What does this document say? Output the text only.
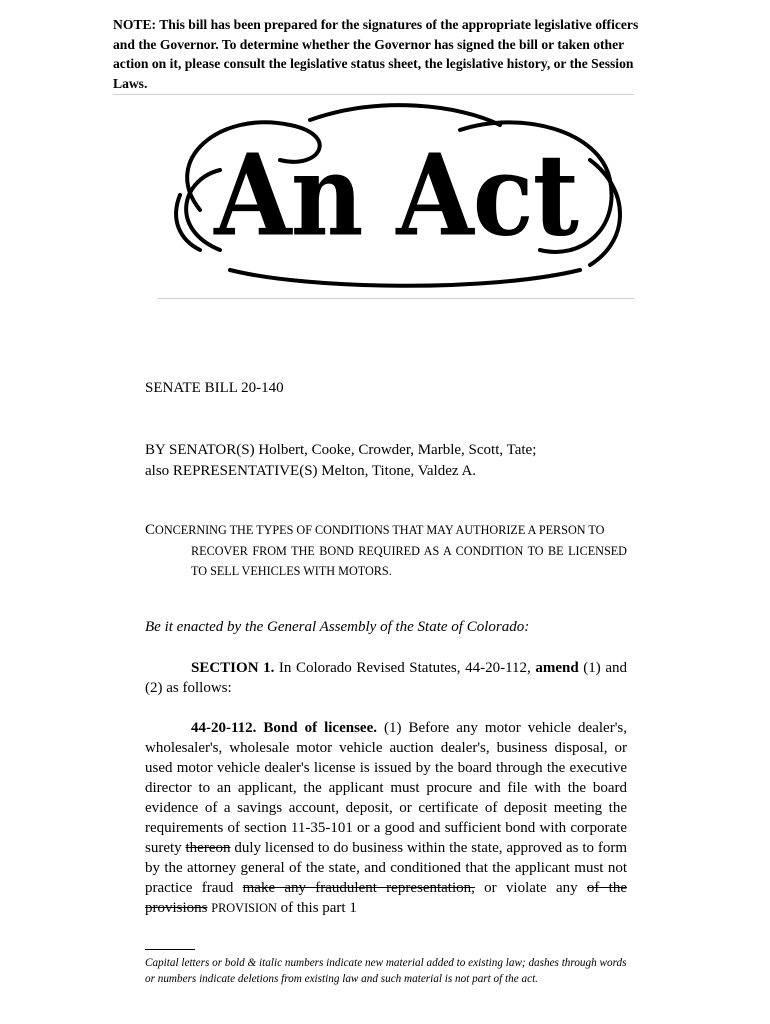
NOTE: This bill has been prepared for the signatures of the appropriate legislative officers and the Governor. To determine whether the Governor has signed the bill or taken other action on it, please consult the legislative status sheet, the legislative history, or the Session Laws.
An Act
SENATE BILL 20-140
BY SENATOR(S) Holbert, Cooke, Crowder, Marble, Scott, Tate;
also REPRESENTATIVE(S) Melton, Titone, Valdez A.
CONCERNING THE TYPES OF CONDITIONS THAT MAY AUTHORIZE A PERSON TO
RECOVER FROM THE BOND REQUIRED AS A CONDITION TO BE LICENSED TO SELL VEHICLES WITH MOTORS.
Be it enacted by the General Assembly of the State of Colorado:
SECTION 1. In Colorado Revised Statutes, 44-20-112, amend (1) and (2) as follows:
44-20-112. Bond of licensee. (1) Before any motor vehicle dealer's, wholesaler's, wholesale motor vehicle auction dealer's, business disposal, or used motor vehicle dealer's license is issued by the board through the executive director to an applicant, the applicant must procure and file with the board evidence of a savings account, deposit, or certificate of deposit meeting the requirements of section 11-35-101 or a good and sufficient bond with corporate surety thereon duly licensed to do business within the state, approved as to form by the attorney general of the state, and conditioned that the applicant must not practice fraud make any fraudulent representation, or violate any of the provisions PROVISION of this part 1
Capital letters or bold & italic numbers indicate new material added to existing law; dashes through words or numbers indicate deletions from existing law and such material is not part of the act.
